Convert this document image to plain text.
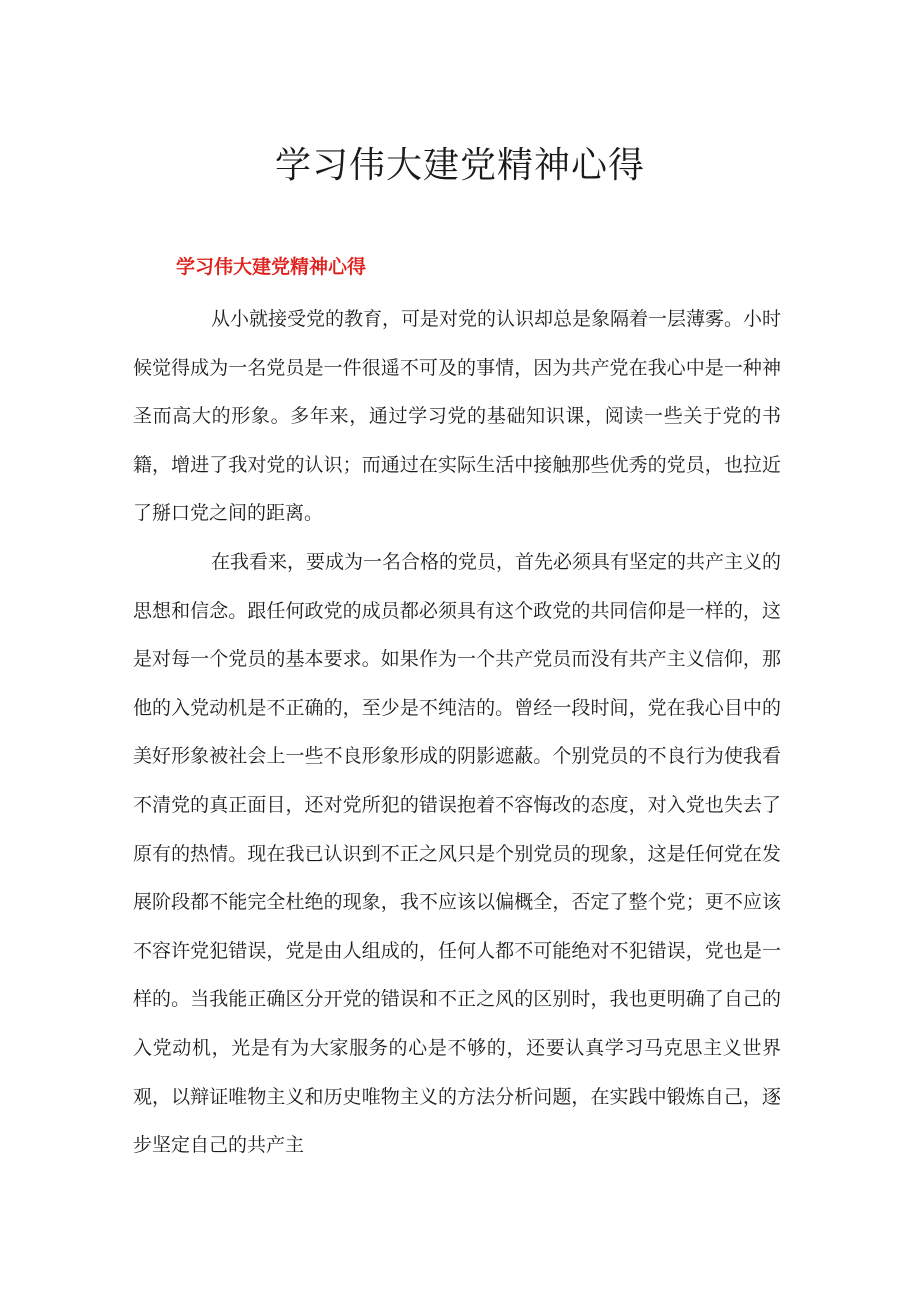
学习伟大建党精神心得
学习伟大建党精神心得

从小就接受党的教育，可是对党的认识却总是象隔着一层薄雾。小时候觉得成为一名党员是一件很遥不可及的事情，因为共产党在我心中是一种神圣而高大的形象。多年来，通过学习党的基础知识课，阅读一些关于党的书籍，增进了我对党的认识；而通过在实际生活中接触那些优秀的党员，也拉近了掰口党之间的距离。

在我看来，要成为一名合格的党员，首先必须具有坚定的共产主义的思想和信念。跟任何政党的成员都必须具有这个政党的共同信仰是一样的，这是对每一个党员的基本要求。如果作为一个共产党员而没有共产主义信仰，那他的入党动机是不正确的，至少是不纯洁的。曾经一段时间，党在我心目中的美好形象被社会上一些不良形象形成的阴影遮蔽。个别党员的不良行为使我看不清党的真正面目，还对党所犯的错误抱着不容悔改的态度，对入党也失去了原有的热情。现在我已认识到不正之风只是个别党员的现象，这是任何党在发展阶段都不能完全杜绝的现象，我不应该以偏概全，否定了整个党；更不应该不容许党犯错误，党是由人组成的，任何人都不可能绝对不犯错误，党也是一样的。当我能正确区分开党的错误和不正之风的区别时，我也更明确了自己的入党动机，光是有为大家服务的心是不够的，还要认真学习马克思主义世界观，以辩证唯物主义和历史唯物主义的方法分析问题，在实践中锻炼自己，逐步坚定自己的共产主
